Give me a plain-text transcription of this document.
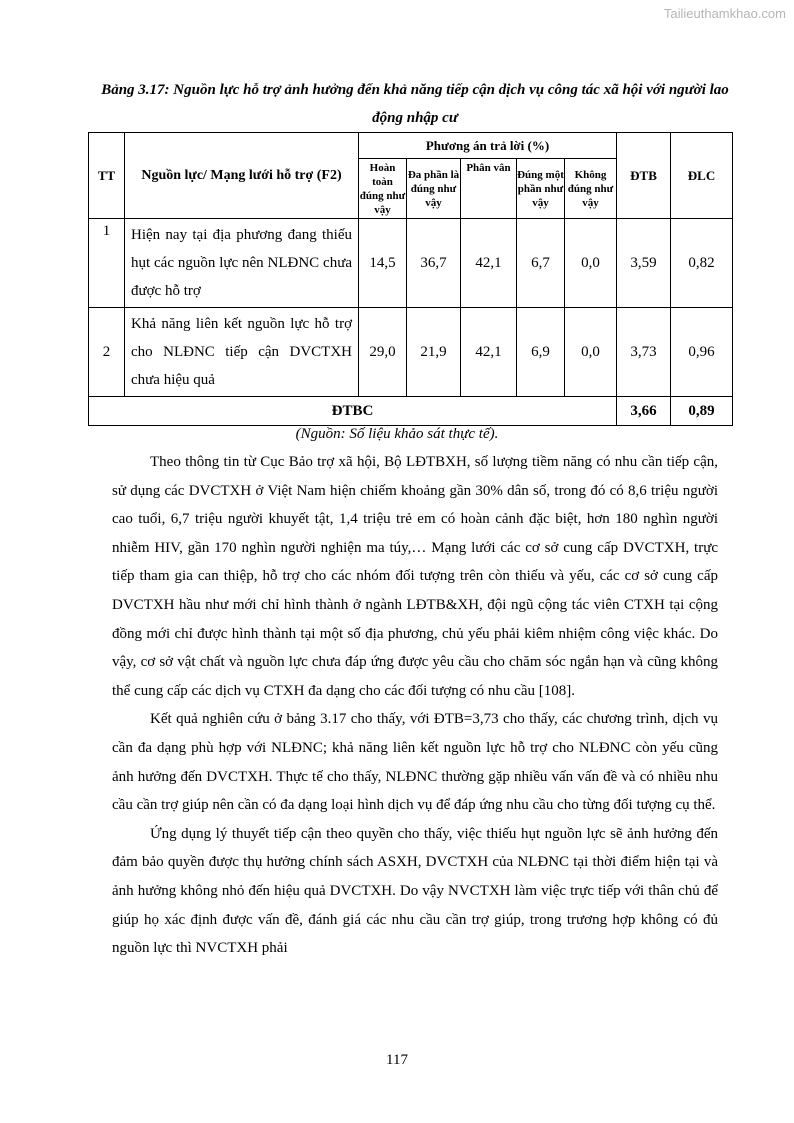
Tailieuthamkhao.com
Bảng 3.17: Nguồn lực hỗ trợ ảnh hưởng đến khả năng tiếp cận dịch vụ công tác xã hội với người lao động nhập cư
TT	Nguồn lực/ Mạng lưới hỗ trợ (F2)	Phương án trả lời (%)					ĐTB	ĐLC
		Hoàn toàn đúng như vậy	Đa phần là đúng như vậy	Phân vân	Đúng một phần như vậy	Không đúng như vậy		
1	Hiện nay tại địa phương đang thiếu hụt các nguồn lực nên NLĐNC chưa được hỗ trợ	14,5	36,7	42,1	6,7	0,0	3,59	0,82
2	Khả năng liên kết nguồn lực hỗ trợ cho NLĐNC tiếp cận DVCTXH chưa hiệu quả	29,0	21,9	42,1	6,9	0,0	3,73	0,96
ĐTBC							3,66	0,89
(Nguồn: Số liệu khảo sát thực tế).

Theo thông tin từ Cục Bảo trợ xã hội, Bộ LĐTBXH, số lượng tiềm năng có nhu cần tiếp cận, sử dụng các DVCTXH ở Việt Nam hiện chiếm khoảng gần 30% dân số, trong đó có 8,6 triệu người cao tuổi, 6,7 triệu người khuyết tật, 1,4 triệu trẻ em có hoàn cảnh đặc biệt, hơn 180 nghìn người nhiễm HIV, gần 170 nghìn người nghiện ma túy,… Mạng lưới các cơ sở cung cấp DVCTXH, trực tiếp tham gia can thiệp, hỗ trợ cho các nhóm đối tượng trên còn thiếu và yếu, các cơ sở cung cấp DVCTXH hầu như mới chỉ hình thành ở ngành LĐTB&XH, đội ngũ cộng tác viên CTXH tại cộng đồng mới chỉ được hình thành tại một số địa phương, chủ yếu phải kiêm nhiệm công việc khác. Do vậy, cơ sở vật chất và nguồn lực chưa đáp ứng được yêu cầu cho chăm sóc ngắn hạn và cũng không thể cung cấp các dịch vụ CTXH đa dạng cho các đối tượng có nhu cầu [108].

Kết quả nghiên cứu ở bảng 3.17 cho thấy, với ĐTB=3,73 cho thấy, các chương trình, dịch vụ cần đa dạng phù hợp với NLĐNC; khả năng liên kết nguồn lực hỗ trợ cho NLĐNC còn yếu cũng ảnh hưởng đến DVCTXH. Thực tế cho thấy, NLĐNC thường gặp nhiều vấn vấn đề và có nhiều nhu cầu cần trợ giúp nên cần có đa dạng loại hình dịch vụ để đáp ứng nhu cầu cho từng đối tượng cụ thể.

Ứng dụng lý thuyết tiếp cận theo quyền cho thấy, việc thiếu hụt nguồn lực sẽ ảnh hưởng đến đảm bảo quyền được thụ hưởng chính sách ASXH, DVCTXH của NLĐNC tại thời điểm hiện tại và ảnh hưởng không nhỏ đến hiệu quả DVCTXH. Do vậy NVCTXH làm việc trực tiếp với thân chủ để giúp họ xác định được vấn đề, đánh giá các nhu cầu cần trợ giúp, trong trương hợp không có đủ nguồn lực thì NVCTXH phải

117
